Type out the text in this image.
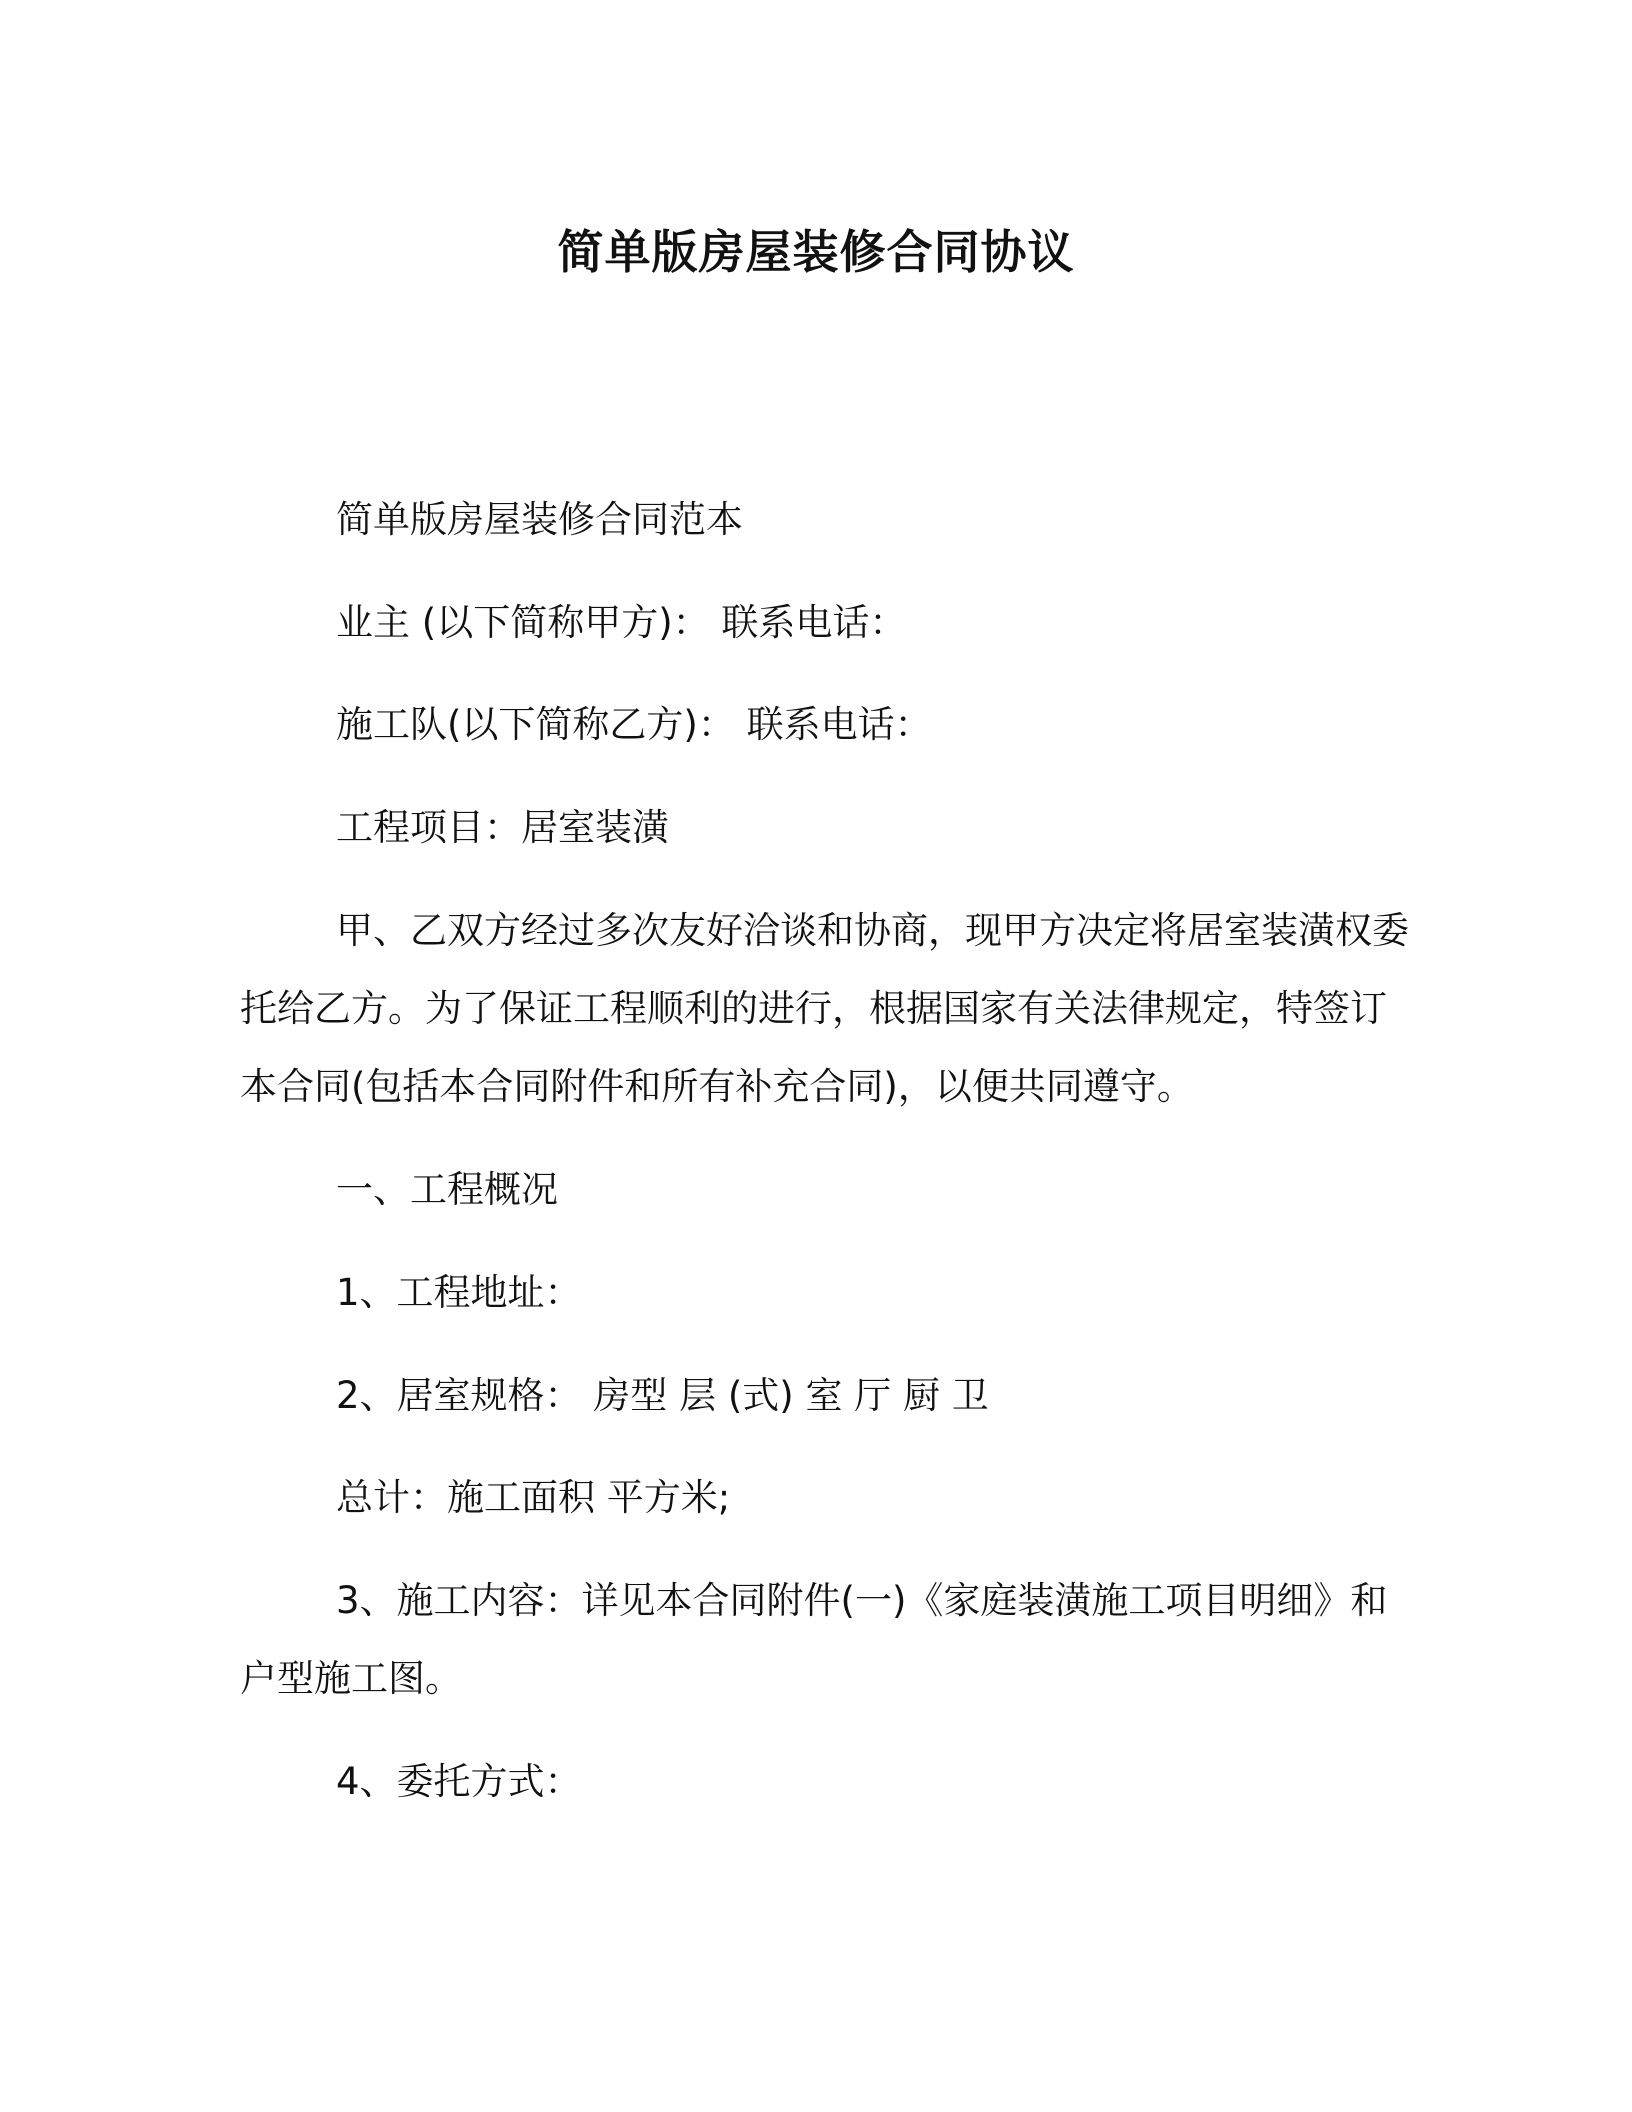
简单版房屋装修合同协议

简单版房屋装修合同范本

业主 (以下简称甲方)： 联系电话：

施工队(以下简称乙方)： 联系电话：

工程项目：居室装潢

甲、乙双方经过多次友好洽谈和协商，现甲方决定将居室装潢权委托给乙方。为了保证工程顺利的进行，根据国家有关法律规定，特签订本合同(包括本合同附件和所有补充合同)，以便共同遵守。

一、工程概况

1、工程地址：

2、居室规格： 房型 层 (式) 室 厅 厨 卫

总计：施工面积 平方米;

3、施工内容：详见本合同附件(一)《家庭装潢施工项目明细》和户型施工图。

4、委托方式：
